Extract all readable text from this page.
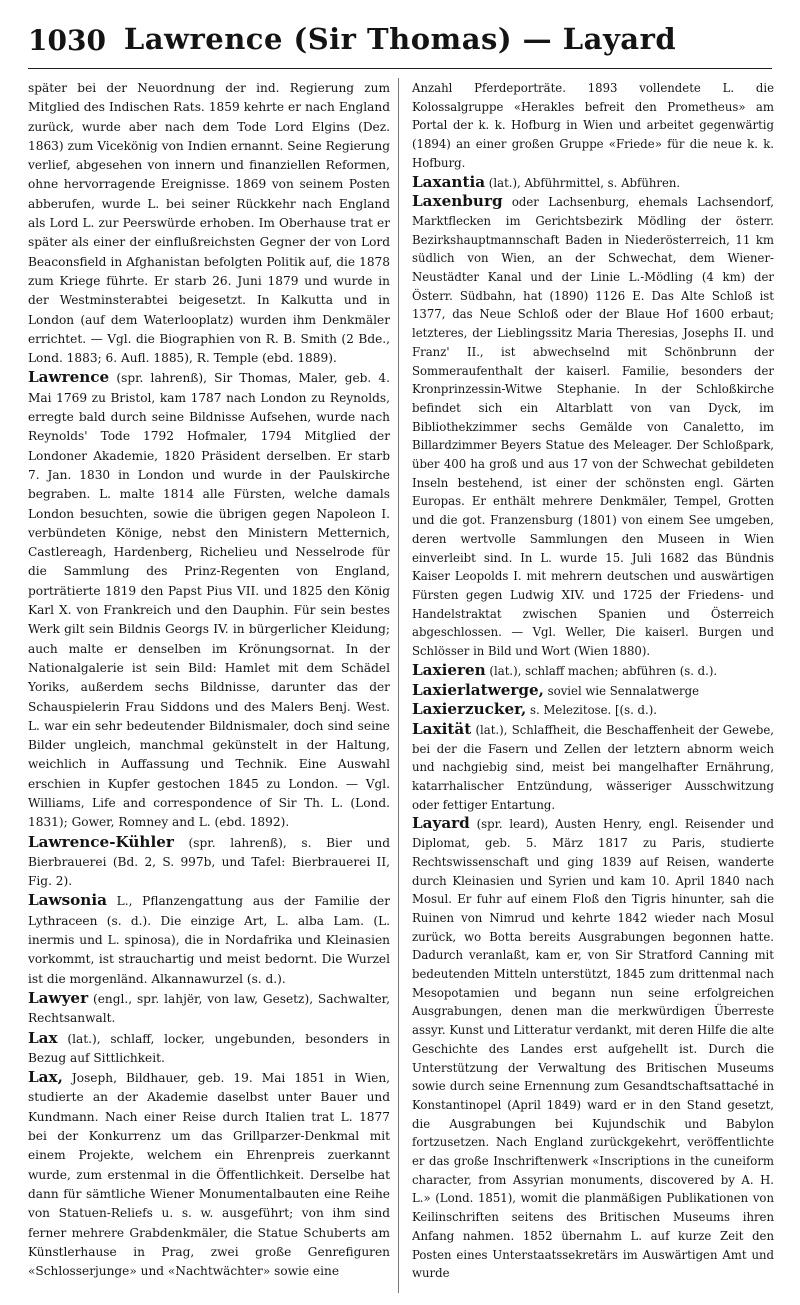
1030 Lawrence (Sir Thomas) — Layard

später bei der Neuordnung der ind. Regierung zum Mitglied des Indischen Rats. 1859 kehrte er nach England zurück, wurde aber nach dem Tode Lord Elgins (Dez. 1863) zum Vicekönig von Indien ernannt. Seine Regierung verlief, abgesehen von innern und finanziellen Reformen, ohne hervorragende Ereignisse. 1869 von seinem Posten abberufen, wurde L. bei seiner Rückkehr nach England als Lord L. zur Peerswürde erhoben. Im Oberhause trat er später als einer der einflußreichsten Gegner der von Lord Beaconsfield in Afghanistan befolgten Politik auf, die 1878 zum Kriege führte. Er starb 26. Juni 1879 und wurde in der Westminsterabtei beigesetzt. In Kalkutta und in London (auf dem Waterlooplatz) wurden ihm Denkmäler errichtet. — Vgl. die Biographien von R. B. Smith (2 Bde., Lond. 1883; 6. Aufl. 1885), R. Temple (ebd. 1889).

Lawrence (spr. lahrenß), Sir Thomas, Maler, geb. 4. Mai 1769 zu Bristol, kam 1787 nach London zu Reynolds, erregte bald durch seine Bildnisse Aufsehen, wurde nach Reynolds' Tode 1792 Hofmaler, 1794 Mitglied der Londoner Akademie, 1820 Präsident derselben. Er starb 7. Jan. 1830 in London und wurde in der Paulskirche begraben. L. malte 1814 alle Fürsten, welche damals London besuchten, sowie die übrigen gegen Napoleon I. verbündeten Könige, nebst den Ministern Metternich, Castlereagh, Hardenberg, Richelieu und Nesselrode für die Sammlung des Prinz-Regenten von England, porträtierte 1819 den Papst Pius VII. und 1825 den König Karl X. von Frankreich und den Dauphin. Für sein bestes Werk gilt sein Bildnis Georgs IV. in bürgerlicher Kleidung; auch malte er denselben im Krönungsornat. In der Nationalgalerie ist sein Bild: Hamlet mit dem Schädel Yoriks, außerdem sechs Bildnisse, darunter das der Schauspielerin Frau Siddons und des Malers Benj. West. L. war ein sehr bedeutender Bildnismaler, doch sind seine Bilder ungleich, manchmal gekünstelt in der Haltung, weichlich in Auffassung und Technik. Eine Auswahl erschien in Kupfer gestochen 1845 zu London. — Vgl. Williams, Life and correspondence of Sir Th. L. (Lond. 1831); Gower, Romney and L. (ebd. 1892).

Lawrence-Kühler (spr. lahrenß), s. Bier und Bierbrauerei (Bd. 2, S. 997b, und Tafel: Bierbrauerei II, Fig. 2).

Lawsonia L., Pflanzengattung aus der Familie der Lythraceen (s. d.). Die einzige Art, L. alba Lam. (L. inermis und L. spinosa), die in Nordafrika und Kleinasien vorkommt, ist strauchartig und meist bedornt. Die Wurzel ist die morgenländ. Alkannawurzel (s. d.).

Lawyer (engl., spr. lahjër, von law, Gesetz), Sachwalter, Rechtsanwalt.

Lax (lat.), schlaff, locker, ungebunden, besonders in Bezug auf Sittlichkeit.

Lax, Joseph, Bildhauer, geb. 19. Mai 1851 in Wien, studierte an der Akademie daselbst unter Bauer und Kundmann. Nach einer Reise durch Italien trat L. 1877 bei der Konkurrenz um das Grillparzer-Denkmal mit einem Projekte, welchem ein Ehrenpreis zuerkannt wurde, zum erstenmal in die Öffentlichkeit. Derselbe hat dann für sämtliche Wiener Monumentalbauten eine Reihe von Statuen-Reliefs u. s. w. ausgeführt; von ihm sind ferner mehrere Grabdenkmäler, die Statue Schuberts am Künstlerhause in Prag, zwei große Genrefiguren «Schlosserjunge» und «Nachtwächter» sowie eine

Anzahl Pferdeporträte. 1893 vollendete L. die Kolossalgruppe «Herakles befreit den Prometheus» am Portal der k. k. Hofburg in Wien und arbeitet gegenwärtig (1894) an einer großen Gruppe «Friede» für die neue k. k. Hofburg.

Laxantia (lat.), Abführmittel, s. Abführen.

Laxenburg oder Lachsenburg, ehemals Lachsendorf, Marktflecken im Gerichtsbezirk Mödling der österr. Bezirkshauptmannschaft Baden in Niederösterreich, 11 km südlich von Wien, an der Schwechat, dem Wiener-Neustädter Kanal und der Linie L.-Mödling (4 km) der Österr. Südbahn, hat (1890) 1126 E. Das Alte Schloß ist 1377, das Neue Schloß oder der Blaue Hof 1600 erbaut; letzteres, der Lieblingssitz Maria Theresias, Josephs II. und Franz' II., ist abwechselnd mit Schönbrunn der Sommeraufenthalt der kaiserl. Familie, besonders der Kronprinzessin-Witwe Stephanie. In der Schloßkirche befindet sich ein Altarblatt von van Dyck, im Bibliothekzimmer sechs Gemälde von Canaletto, im Billardzimmer Beyers Statue des Meleager. Der Schloßpark, über 400 ha groß und aus 17 von der Schwechat gebildeten Inseln bestehend, ist einer der schönsten engl. Gärten Europas. Er enthält mehrere Denkmäler, Tempel, Grotten und die got. Franzensburg (1801) von einem See umgeben, deren wertvolle Sammlungen den Museen in Wien einverleibt sind. In L. wurde 15. Juli 1682 das Bündnis Kaiser Leopolds I. mit mehrern deutschen und auswärtigen Fürsten gegen Ludwig XIV. und 1725 der Friedens- und Handelstraktat zwischen Spanien und Österreich abgeschlossen. — Vgl. Weller, Die kaiserl. Burgen und Schlösser in Bild und Wort (Wien 1880).

Laxieren (lat.), schlaff machen; abführen (s. d.).

Laxierlatwerge, soviel wie Sennalatwerge

Laxierzucker, s. Melezitose. [(s. d.).

Laxität (lat.), Schlaffheit, die Beschaffenheit der Gewebe, bei der die Fasern und Zellen der letztern abnorm weich und nachgiebig sind, meist bei mangelhafter Ernährung, katarrhalischer Entzündung, wässeriger Ausschwitzung oder fettiger Entartung.

Layard (spr. leard), Austen Henry, engl. Reisender und Diplomat, geb. 5. März 1817 zu Paris, studierte Rechtswissenschaft und ging 1839 auf Reisen, wanderte durch Kleinasien und Syrien und kam 10. April 1840 nach Mosul. Er fuhr auf einem Floß den Tigris hinunter, sah die Ruinen von Nimrud und kehrte 1842 wieder nach Mosul zurück, wo Botta bereits Ausgrabungen begonnen hatte. Dadurch veranlaßt, kam er, von Sir Stratford Canning mit bedeutenden Mitteln unterstützt, 1845 zum drittenmal nach Mesopotamien und begann nun seine erfolgreichen Ausgrabungen, denen man die merkwürdigen Überreste assyr. Kunst und Litteratur verdankt, mit deren Hilfe die alte Geschichte des Landes erst aufgehellt ist. Durch die Unterstützung der Verwaltung des Britischen Museums sowie durch seine Ernennung zum Gesandtschaftsattaché in Konstantinopel (April 1849) ward er in den Stand gesetzt, die Ausgrabungen bei Kujundschik und Babylon fortzusetzen. Nach England zurückgekehrt, veröffentlichte er das große Inschriftenwerk «Inscriptions in the cuneiform character, from Assyrian monuments, discovered by A. H. L.» (Lond. 1851), womit die planmäßigen Publikationen von Keilinschriften seitens des Britischen Museums ihren Anfang nahmen. 1852 übernahm L. auf kurze Zeit den Posten eines Unterstaatssekretärs im Auswärtigen Amt und wurde
